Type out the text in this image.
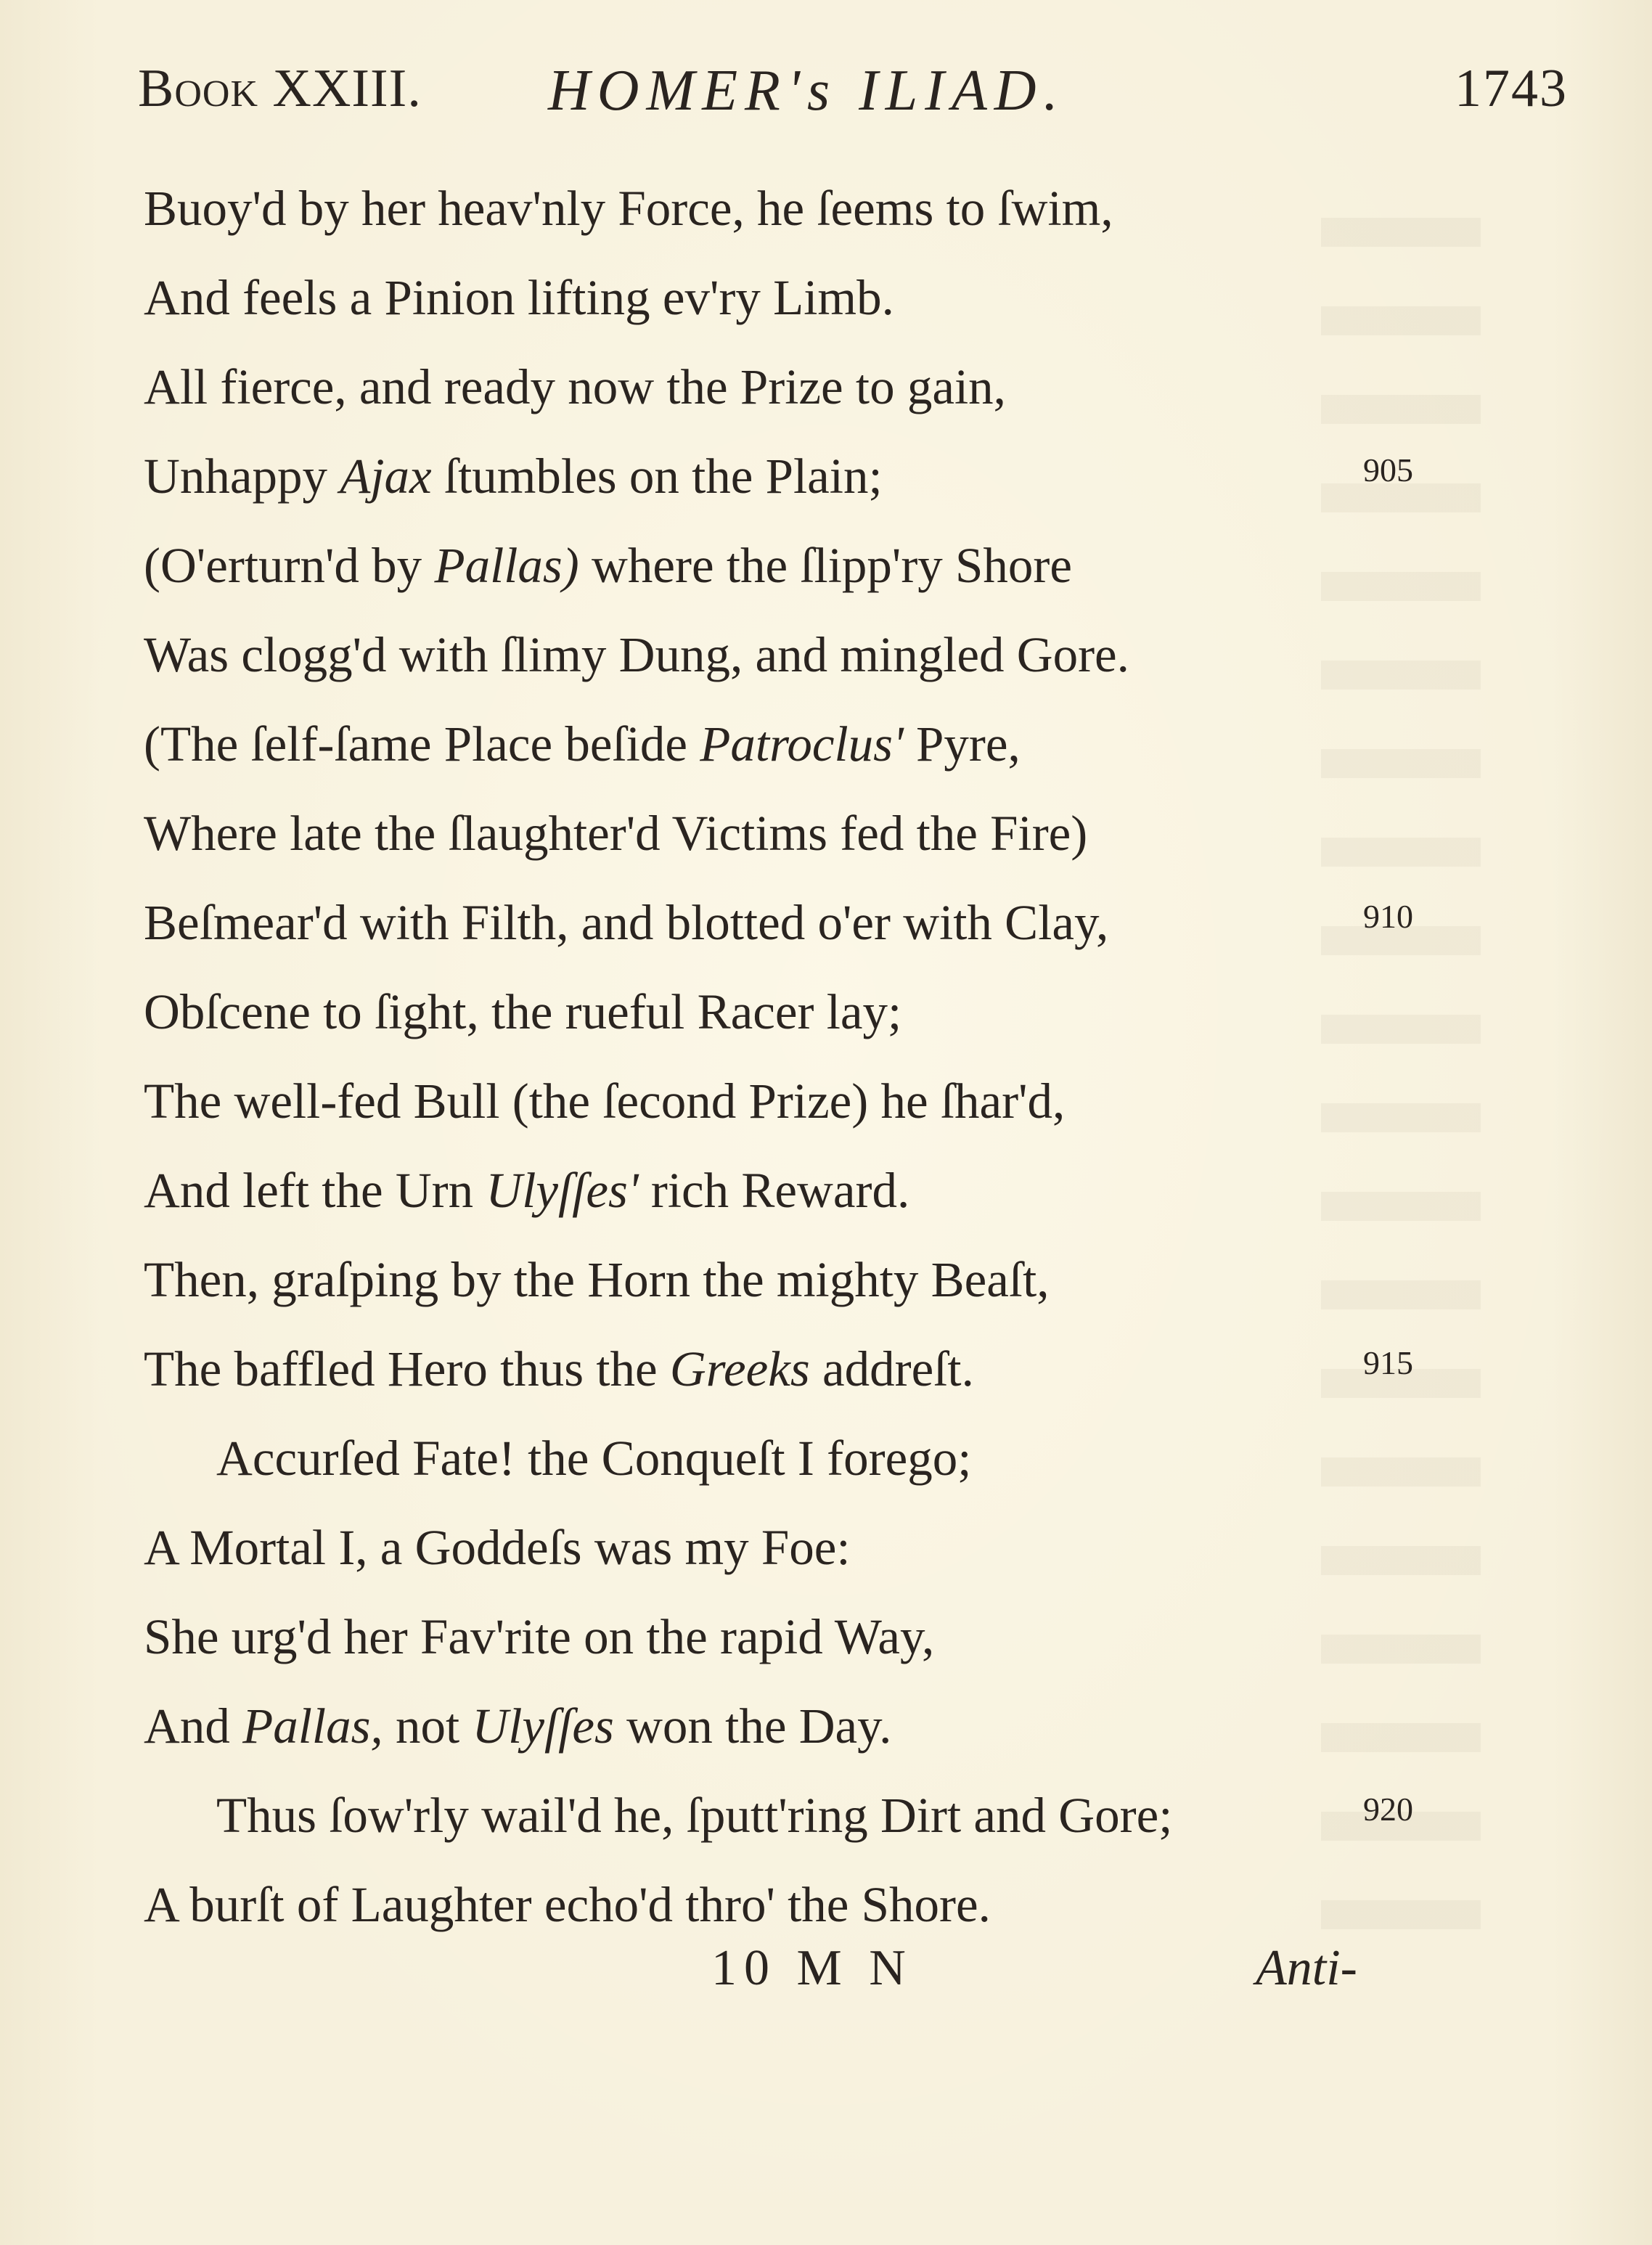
Book XXIII. HOMER's ILIAD.	1743
Buoy'd by her heav'nly Force, he ſeems to ſwim,
And feels a Pinion lifting ev'ry Limb.
All fierce, and ready now the Prize to gain,
Unhappy Ajax ſtumbles on the Plain;	905
(O'erturn'd by Pallas) where the ſlipp'ry Shore
Was clogg'd with ſlimy Dung, and mingled Gore.
(The ſelf-ſame Place beſide Patroclus' Pyre,
Where late the ſlaughter'd Victims fed the Fire)
Beſmear'd with Filth, and blotted o'er with Clay,	910
Obſcene to ſight, the rueful Racer lay;
The well-fed Bull (the ſecond Prize) he ſhar'd,
And left the Urn Ulyſſes' rich Reward.
Then, graſping by the Horn the mighty Beaſt,
The baffled Hero thus the Greeks addreſt.	915
Accurſed Fate! the Conqueſt I forego;
A Mortal I, a Goddeſs was my Foe:
She urg'd her Fav'rite on the rapid Way,
And Pallas, not Ulyſſes won the Day.
Thus ſow'rly wail'd he, ſputt'ring Dirt and Gore;	920
A burſt of Laughter echo'd thro' the Shore.
10 M N	Anti-
